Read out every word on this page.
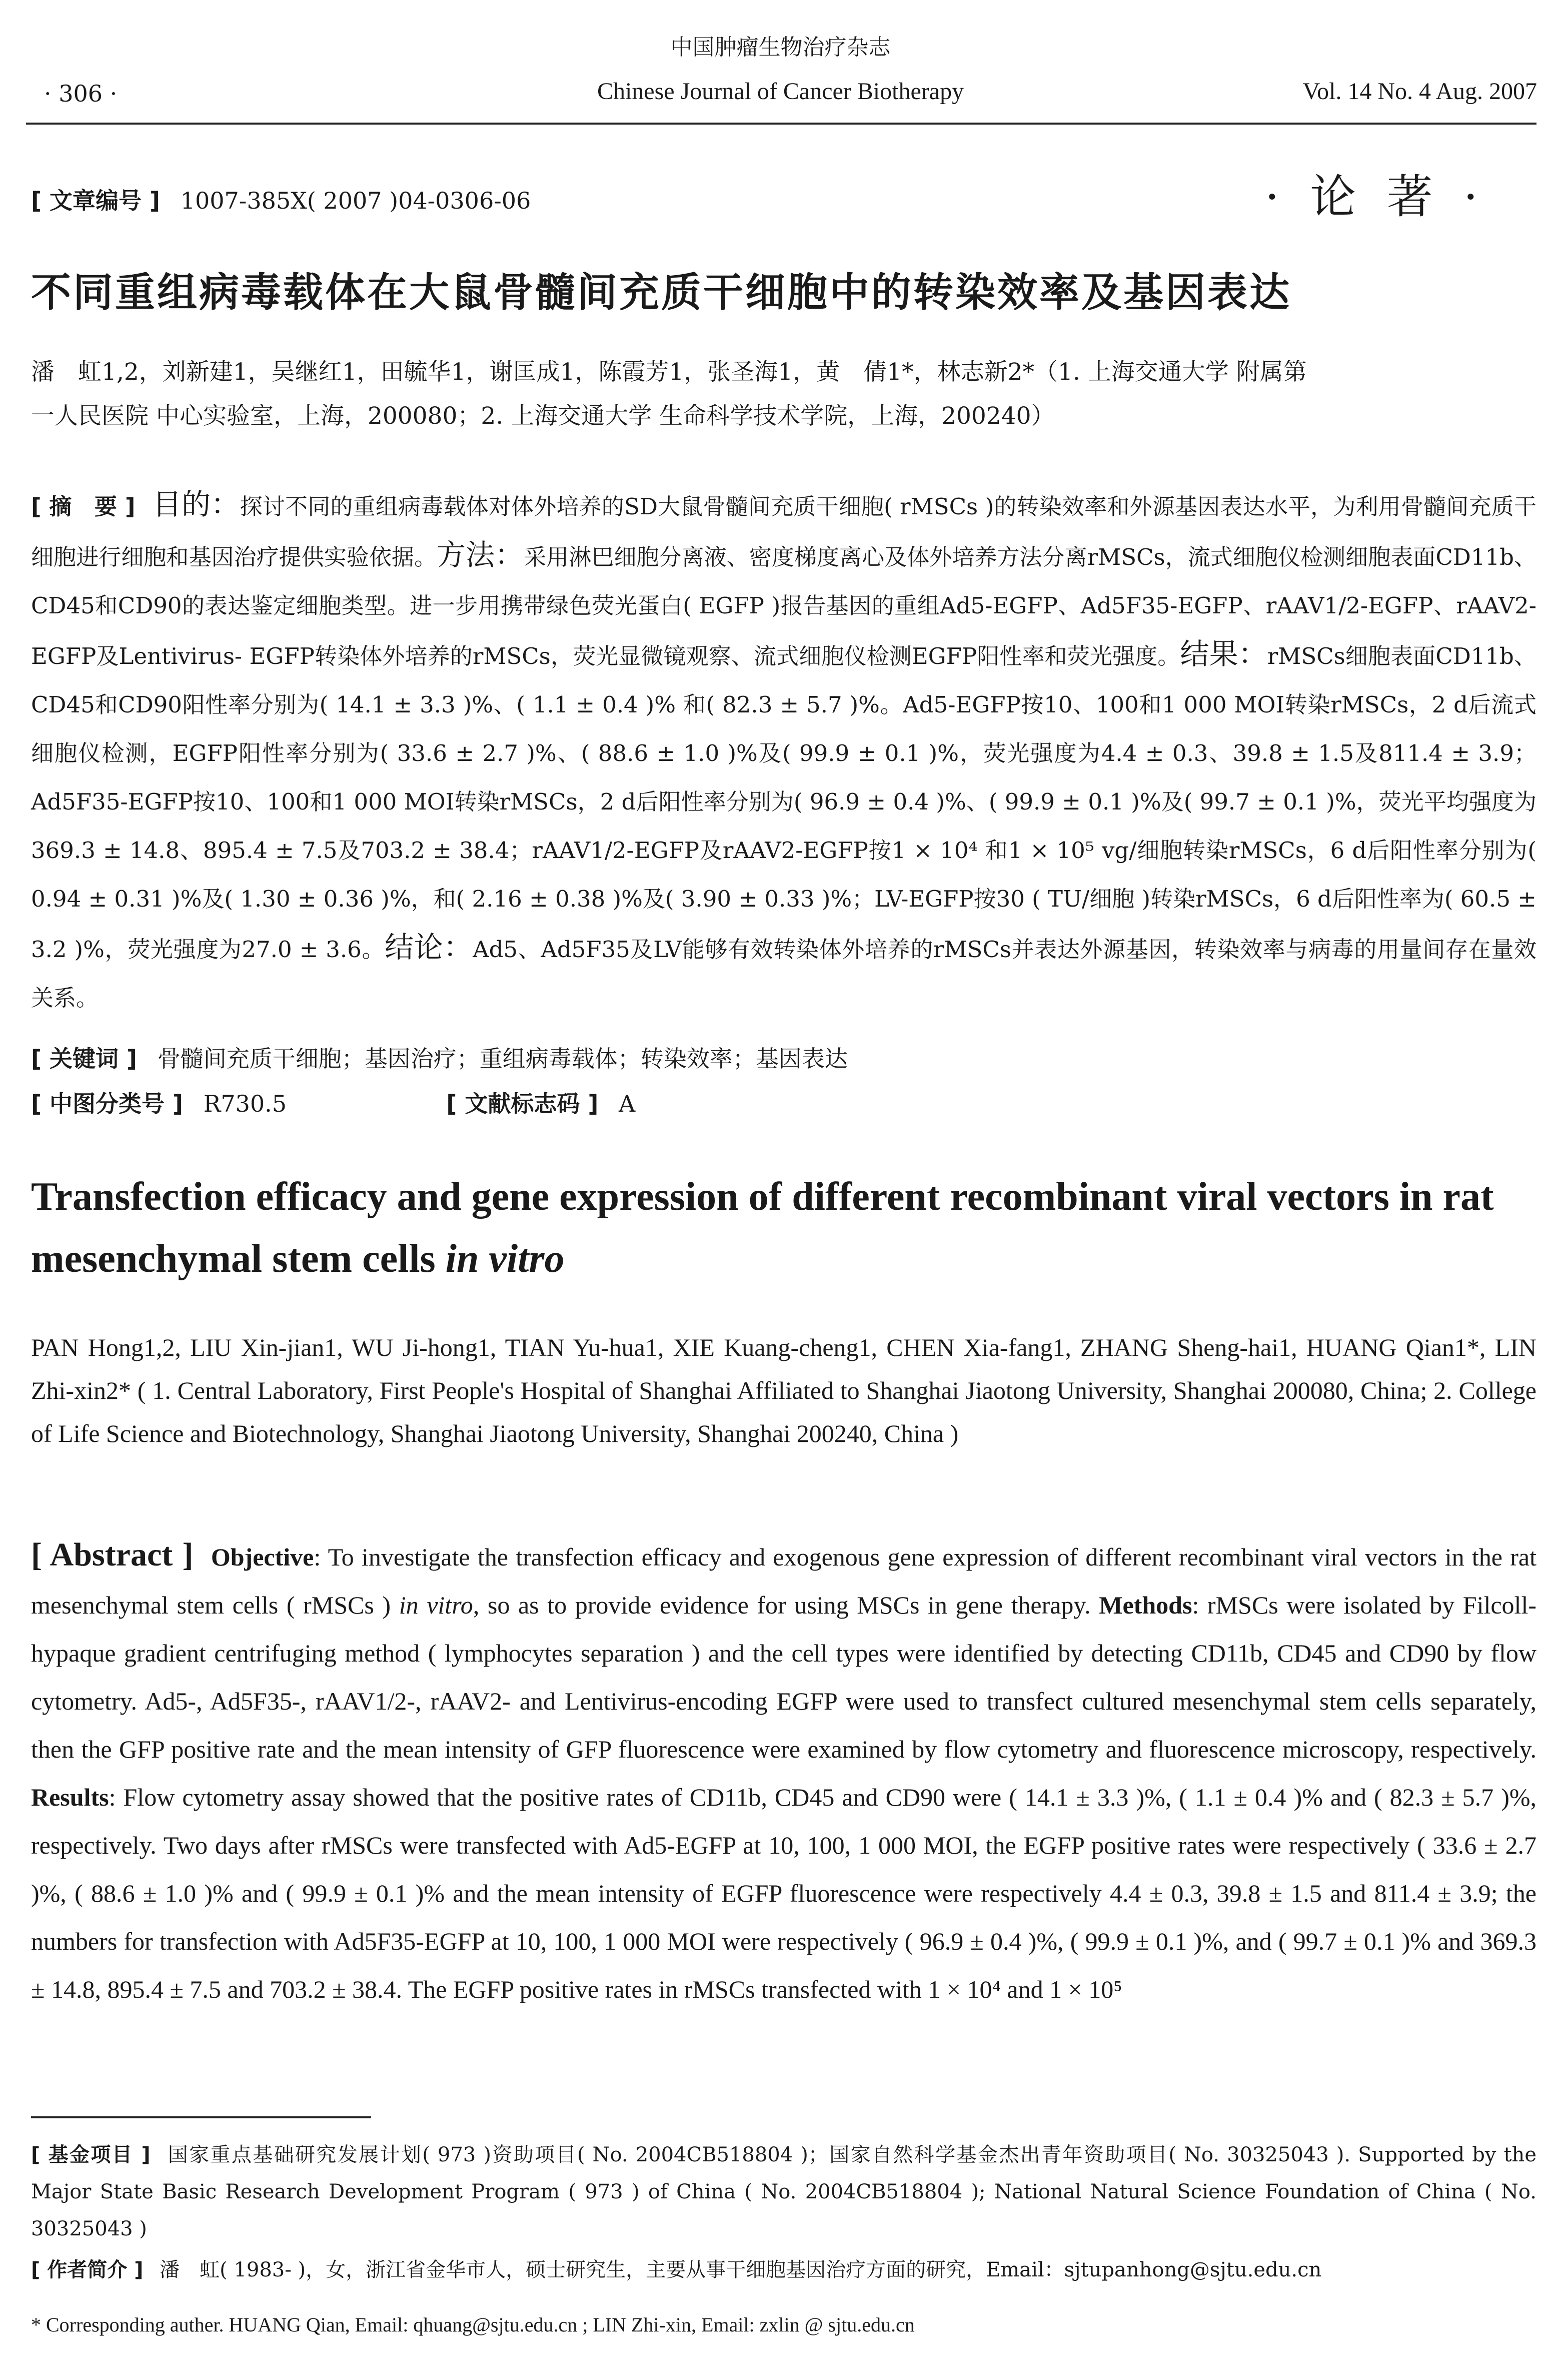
中国肿瘤生物治疗杂志
· 306 ·	Chinese Journal of Cancer Biotherapy	Vol. 14 No. 4 Aug. 2007
[ 文章编号 ] 1007-385X( 2007 )04-0306-06	· 论 著 ·
不同重组病毒载体在大鼠骨髓间充质干细胞中的转染效率及基因表达
潘　虹1,2，刘新建1，吴继红1，田毓华1，谢匡成1，陈霞芳1，张圣海1，黄　倩1*，林志新2*（1. 上海交通大学 附属第
一人民医院 中心实验室，上海，200080；2. 上海交通大学 生命科学技术学院，上海，200240）
[ 摘　要 ] 目的：探讨不同的重组病毒载体对体外培养的SD大鼠骨髓间充质干细胞( rMSCs )的转染效率和外源基因表达水平，为利用骨髓间充质干细胞进行细胞和基因治疗提供实验依据。方法：采用淋巴细胞分离液、密度梯度离心及体外培养方法分离rMSCs，流式细胞仪检测细胞表面CD11b、CD45和CD90的表达鉴定细胞类型。进一步用携带绿色荧光蛋白( EGFP )报告基因的重组Ad5-EGFP、Ad5F35-EGFP、rAAV1/2-EGFP、rAAV2-EGFP及Lentivirus- EGFP转染体外培养的rMSCs，荧光显微镜观察、流式细胞仪检测EGFP阳性率和荧光强度。结果：rMSCs细胞表面CD11b、CD45和CD90阳性率分别为( 14.1 ± 3.3 )%、( 1.1 ± 0.4 )% 和( 82.3 ± 5.7 )%。Ad5-EGFP按10、100和1 000 MOI转染rMSCs，2 d后流式细胞仪检测，EGFP阳性率分别为( 33.6 ± 2.7 )%、( 88.6 ± 1.0 )%及( 99.9 ± 0.1 )%，荧光强度为4.4 ± 0.3、39.8 ± 1.5及811.4 ± 3.9；Ad5F35-EGFP按10、100和1 000 MOI转染rMSCs，2 d后阳性率分别为( 96.9 ± 0.4 )%、( 99.9 ± 0.1 )%及( 99.7 ± 0.1 )%，荧光平均强度为369.3 ± 14.8、895.4 ± 7.5及703.2 ± 38.4；rAAV1/2-EGFP及rAAV2-EGFP按1 × 10⁴ 和1 × 10⁵ vg/细胞转染rMSCs，6 d后阳性率分别为( 0.94 ± 0.31 )%及( 1.30 ± 0.36 )%，和( 2.16 ± 0.38 )%及( 3.90 ± 0.33 )%；LV-EGFP按30 ( TU/细胞 )转染rMSCs，6 d后阳性率为( 60.5 ± 3.2 )%，荧光强度为27.0 ± 3.6。结论：Ad5、Ad5F35及LV能够有效转染体外培养的rMSCs并表达外源基因，转染效率与病毒的用量间存在量效关系。
[ 关键词 ] 骨髓间充质干细胞；基因治疗；重组病毒载体；转染效率；基因表达
[ 中图分类号 ] R730.5	[ 文献标志码 ] A
Transfection efficacy and gene expression of different recombinant viral vectors in rat mesenchymal stem cells in vitro
PAN Hong1,2, LIU Xin-jian1, WU Ji-hong1, TIAN Yu-hua1, XIE Kuang-cheng1, CHEN Xia-fang1, ZHANG Sheng-hai1, HUANG Qian1*, LIN Zhi-xin2* ( 1. Central Laboratory, First People's Hospital of Shanghai Affiliated to Shanghai Jiaotong University, Shanghai 200080, China; 2. College of Life Science and Biotechnology, Shanghai Jiaotong University, Shanghai 200240, China )
[ Abstract ] Objective: To investigate the transfection efficacy and exogenous gene expression of different recombinant viral vectors in the rat mesenchymal stem cells ( rMSCs ) in vitro, so as to provide evidence for using MSCs in gene therapy. Methods: rMSCs were isolated by Filcoll-hypaque gradient centrifuging method ( lymphocytes separation ) and the cell types were identified by detecting CD11b, CD45 and CD90 by flow cytometry. Ad5-, Ad5F35-, rAAV1/2-, rAAV2- and Lentivirus-encoding EGFP were used to transfect cultured mesenchymal stem cells separately, then the GFP positive rate and the mean intensity of GFP fluorescence were examined by flow cytometry and fluorescence microscopy, respectively. Results: Flow cytometry assay showed that the positive rates of CD11b, CD45 and CD90 were ( 14.1 ± 3.3 )%, ( 1.1 ± 0.4 )% and ( 82.3 ± 5.7 )%, respectively. Two days after rMSCs were transfected with Ad5-EGFP at 10, 100, 1 000 MOI, the EGFP positive rates were respectively ( 33.6 ± 2.7 )%, ( 88.6 ± 1.0 )% and ( 99.9 ± 0.1 )% and the mean intensity of EGFP fluorescence were respectively 4.4 ± 0.3, 39.8 ± 1.5 and 811.4 ± 3.9; the numbers for transfection with Ad5F35-EGFP at 10, 100, 1 000 MOI were respectively ( 96.9 ± 0.4 )%, ( 99.9 ± 0.1 )%, and ( 99.7 ± 0.1 )% and 369.3 ± 14.8, 895.4 ± 7.5 and 703.2 ± 38.4. The EGFP positive rates in rMSCs transfected with 1 × 10⁴ and 1 × 10⁵
[ 基金项目 ] 国家重点基础研究发展计划( 973 )资助项目( No. 2004CB518804 )；国家自然科学基金杰出青年资助项目( No. 30325043 ). Supported by the Major State Basic Research Development Program ( 973 ) of China ( No. 2004CB518804 ); National Natural Science Foundation of China ( No. 30325043 )
[ 作者简介 ] 潘　虹( 1983- )，女，浙江省金华市人，硕士研究生，主要从事干细胞基因治疗方面的研究，Email：sjtupanhong@sjtu.edu.cn
* Corresponding auther. HUANG Qian, Email: qhuang@sjtu.edu.cn ; LIN Zhi-xin, Email: zxlin @ sjtu.edu.cn
